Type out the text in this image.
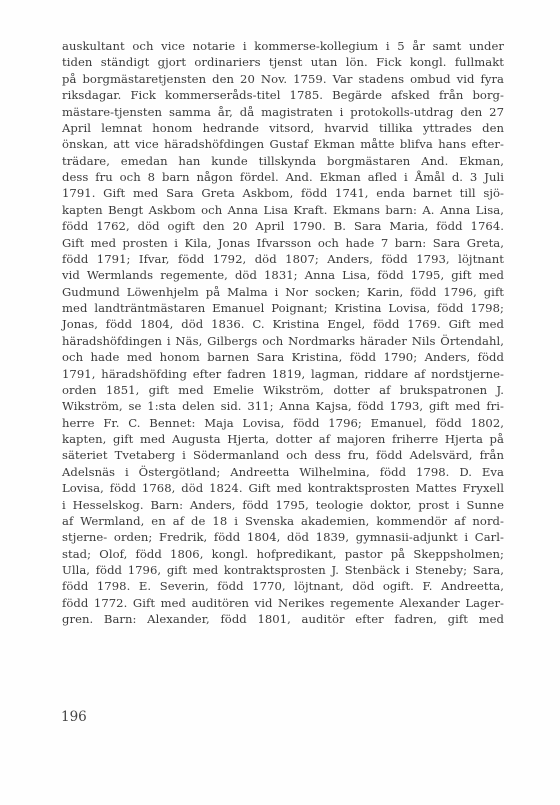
auskultant och vice notarie i kommerse-kollegium i 5 år samt under
tiden ständigt gjort ordinariers tjenst utan lön. Fick kongl. fullmakt
på borgmästaretjensten den 20 Nov. 1759. Var stadens ombud vid fyra
riksdagar. Fick kommerseråds-titel 1785. Begärde afsked från borg-
mästare-tjensten samma år, då magistraten i protokolls-utdrag den 27
April lemnat honom hedrande vitsord, hvarvid tillika yttrades den
önskan, att vice häradshöfdingen Gustaf Ekman måtte blifva hans efter-
trädare, emedan han kunde tillskynda borgmästaren And. Ekman,
dess fru och 8 barn någon fördel. And. Ekman afled i Åmål d. 3 Juli
1791. Gift med Sara Greta Askbom, född 1741, enda barnet till sjö-
kapten Bengt Askbom och Anna Lisa Kraft. Ekmans barn: A. Anna Lisa,
född 1762, död ogift den 20 April 1790. B. Sara Maria, född 1764.
Gift med prosten i Kila, Jonas Ifvarsson och hade 7 barn: Sara Greta,
född 1791; Ifvar, född 1792, död 1807; Anders, född 1793, löjtnant
vid Wermlands regemente, död 1831; Anna Lisa, född 1795, gift med
Gudmund Löwenhjelm på Malma i Nor socken; Karin, född 1796, gift
med landträntmästaren Emanuel Poignant; Kristina Lovisa, född 1798;
Jonas, född 1804, död 1836. C. Kristina Engel, född 1769. Gift med
häradshöfdingen i Näs, Gilbergs och Nordmarks härader Nils Örtendahl,
och hade med honom barnen Sara Kristina, född 1790; Anders, född
1791, häradshöfding efter fadren 1819, lagman, riddare af nordstjerne-
orden 1851, gift med Emelie Wikström, dotter af brukspatronen J.
Wikström, se 1:sta delen sid. 311; Anna Kajsa, född 1793, gift med fri-
herre Fr. C. Bennet: Maja Lovisa, född 1796; Emanuel, född 1802,
kapten, gift med Augusta Hjerta, dotter af majoren friherre Hjerta på
säteriet Tvetaberg i Södermanland och dess fru, född Adelsvärd, från
Adelsnäs i Östergötland; Andreetta Wilhelmina, född 1798. D. Eva
Lovisa, född 1768, död 1824. Gift med kontraktsprosten Mattes Fryxell
i Hesselskog. Barn: Anders, född 1795, teologie doktor, prost i Sunne
af Wermland, en af de 18 i Svenska akademien, kommendör af nord-
stjerne- orden; Fredrik, född 1804, död 1839, gymnasii-adjunkt i Carl-
stad; Olof, född 1806, kongl. hofpredikant, pastor på Skeppsholmen;
Ulla, född 1796, gift med kontraktsprosten J. Stenbäck i Steneby; Sara,
född 1798. E. Severin, född 1770, löjtnant, död ogift. F. Andreetta,
född 1772. Gift med auditören vid Nerikes regemente Alexander Lager-
gren. Barn: Alexander, född 1801, auditör efter fadren, gift med
196
